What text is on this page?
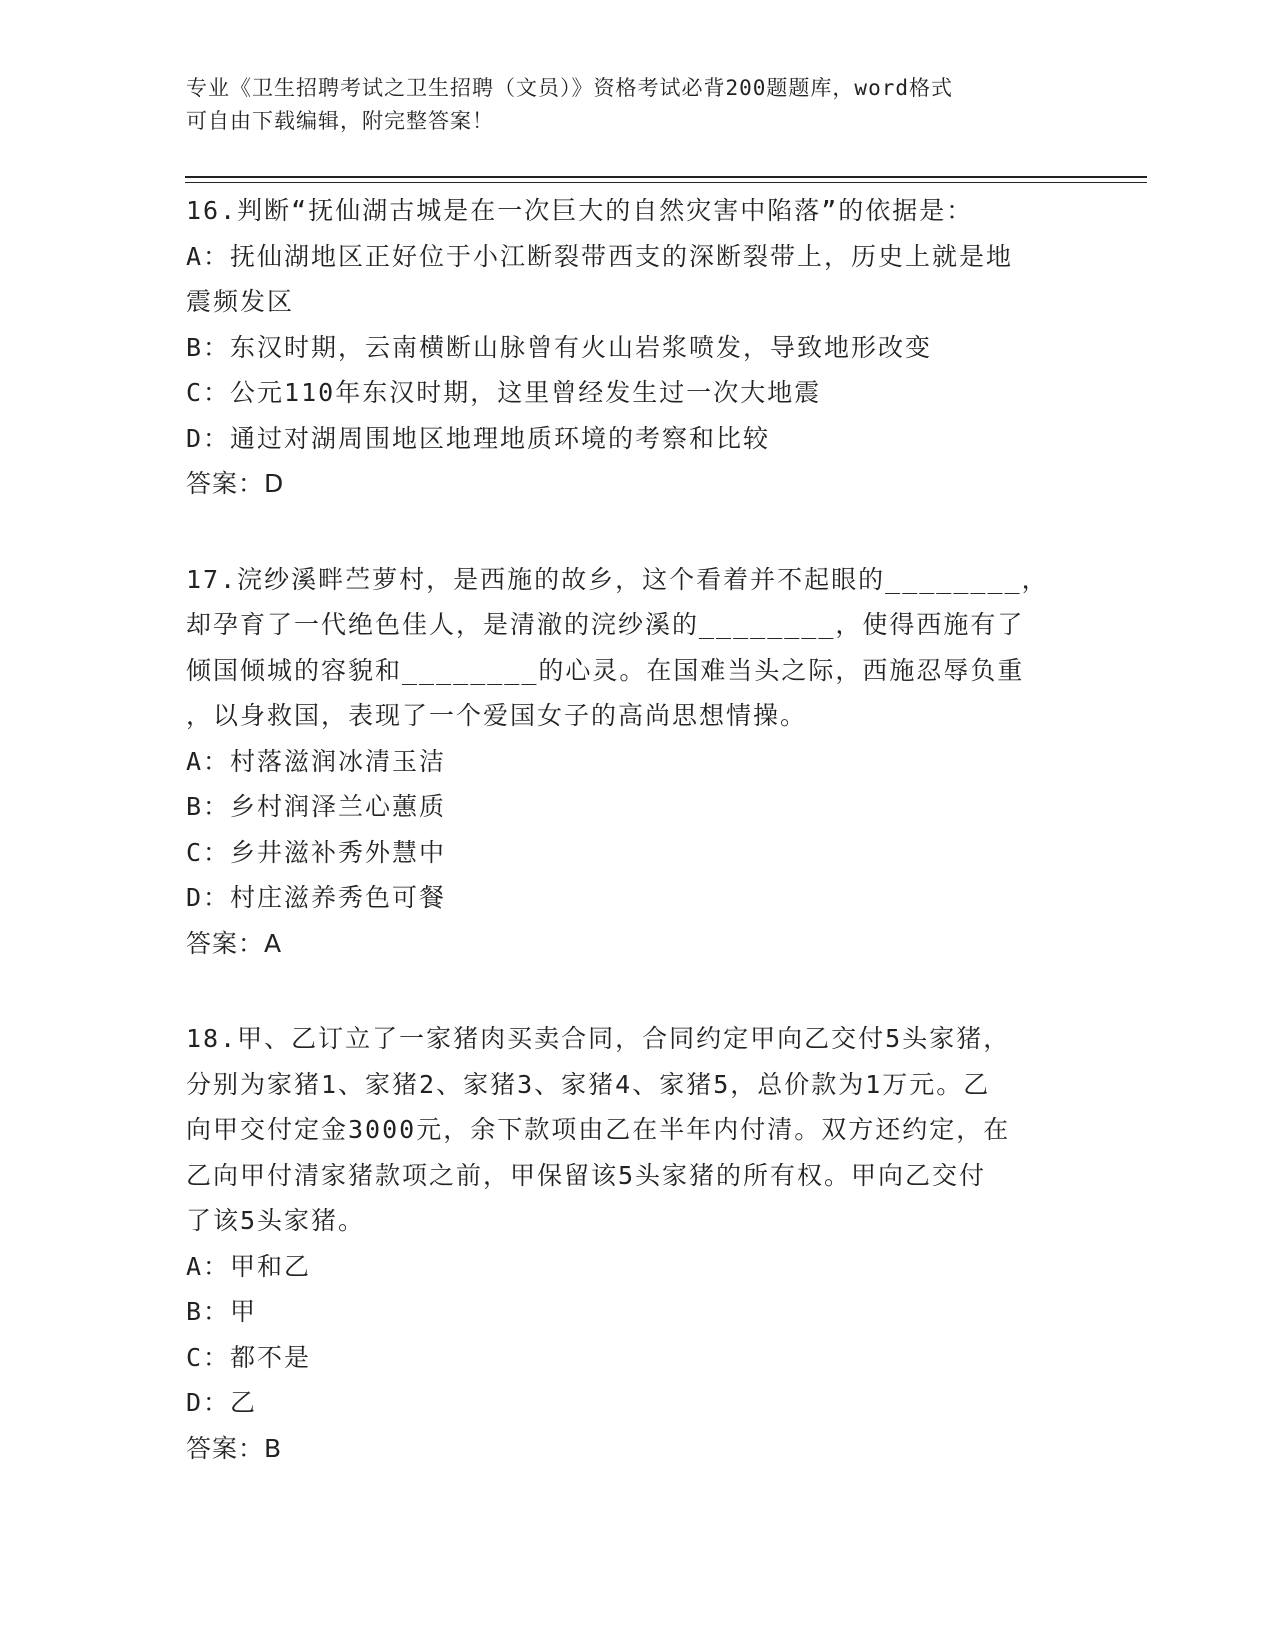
专业《卫生招聘考试之卫生招聘（文员）》资格考试必背200题题库，word格式
可自由下载编辑，附完整答案！
16.判断“抚仙湖古城是在一次巨大的自然灾害中陷落”的依据是：
A：抚仙湖地区正好位于小江断裂带西支的深断裂带上，历史上就是地
震频发区
B：东汉时期，云南横断山脉曾有火山岩浆喷发，导致地形改变
C：公元110年东汉时期，这里曾经发生过一次大地震
D：通过对湖周围地区地理地质环境的考察和比较
答案：D
17.浣纱溪畔苎萝村，是西施的故乡，这个看着并不起眼的________，
却孕育了一代绝色佳人，是清澈的浣纱溪的________，使得西施有了
倾国倾城的容貌和________的心灵。在国难当头之际，西施忍辱负重
，以身救国，表现了一个爱国女子的高尚思想情操。
A：村落滋润冰清玉洁
B：乡村润泽兰心蕙质
C：乡井滋补秀外慧中
D：村庄滋养秀色可餐
答案：A
18.甲、乙订立了一家猪肉买卖合同，合同约定甲向乙交付5头家猪，
分别为家猪1、家猪2、家猪3、家猪4、家猪5，总价款为1万元。乙
向甲交付定金3000元，余下款项由乙在半年内付清。双方还约定，在
乙向甲付清家猪款项之前，甲保留该5头家猪的所有权。甲向乙交付
了该5头家猪。
A：甲和乙
B：甲
C：都不是
D：乙
答案：B
